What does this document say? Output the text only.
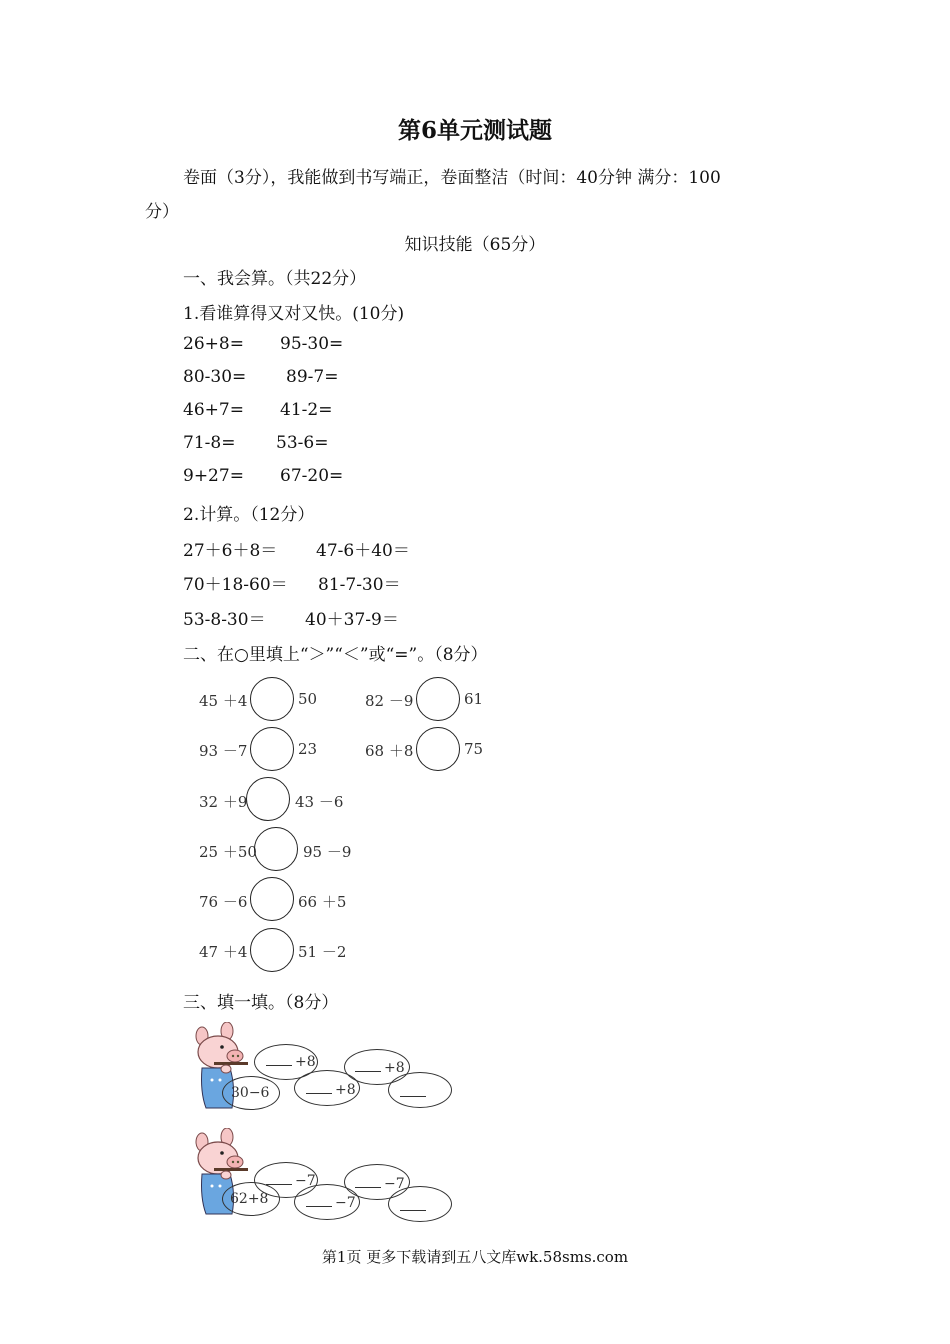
第6单元测试题
卷面（3分），我能做到书写端正，卷面整洁（时间：40分钟 满分：100
分）
知识技能（65分）
一、我会算。（共22分）
1.看谁算得又对又快。(10分)
26+8= 95-30=
80-30= 89-7=
46+7= 41-2=
71-8= 53-6=
9+27= 67-20=
2.计算。（12分）
27＋6＋8＝ 47-6＋40＝
70＋18-60＝ 81-7-30＝
53-8-30＝ 40＋37-9＝
二、在○里填上“＞”“＜”或“=”。（8分）
45 ＋4	50	82 －9	61
93 －7	23	68 ＋8	75
32 ＋9	43 －6
25 ＋50	95 －9
76 －6	66 ＋5
47 ＋4	51 －2
三、填一填。（8分）
+8	+8
30−6	+8
−7	−7
62+8	−7
第1页 更多下载请到五八文库wk.58sms.com
